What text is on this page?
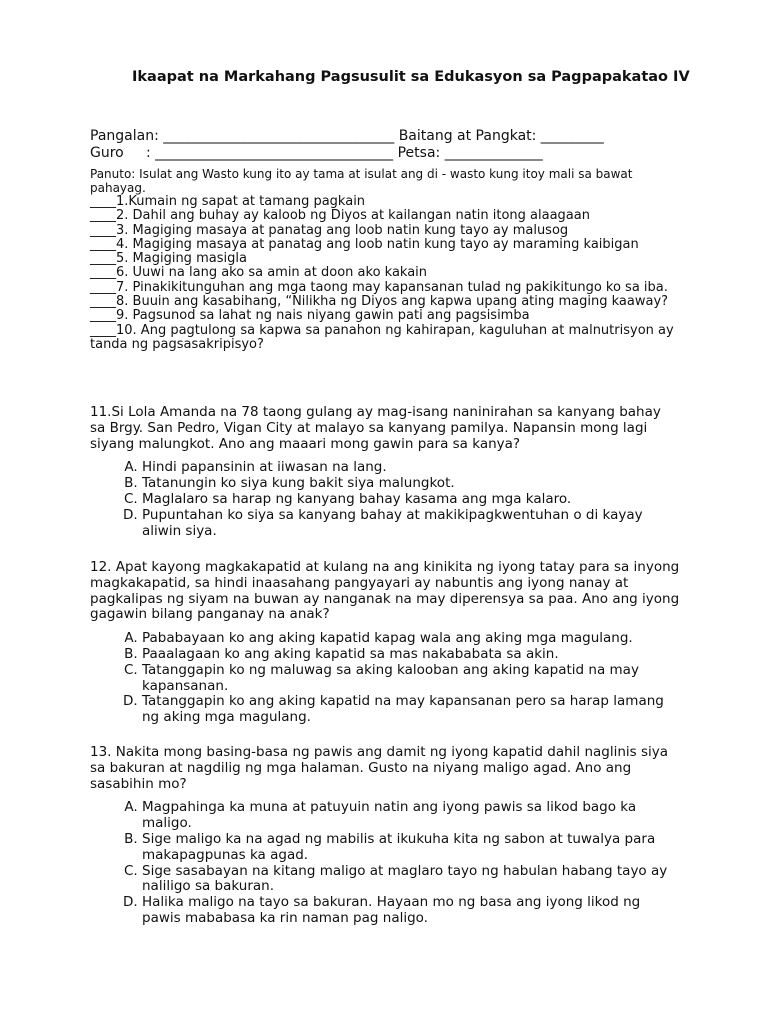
Ikaapat na Markahang Pagsusulit sa Edukasyon sa Pagpapakatao IV
Pangalan: _________________________________ Baitang at Pangkat: _________
Guro     : __________________________________ Petsa: ______________
Panuto: Isulat ang Wasto kung ito ay tama at isulat ang di - wasto kung itoy mali sa bawat pahayag.
____1.Kumain ng sapat at tamang pagkain
____2. Dahil ang buhay ay kaloob ng Diyos at kailangan natin itong alaagaan
____3. Magiging masaya at panatag ang loob natin kung tayo ay malusog
____4. Magiging masaya at panatag ang loob natin kung tayo ay maraming kaibigan
____5. Magiging masigla
____6. Uuwi na lang ako sa amin at doon ako kakain
____7. Pinakikitunguhan ang mga taong may kapansanan tulad ng pakikitungo ko sa iba.
____8. Buuin ang kasabihang, “Nilikha ng Diyos ang kapwa upang ating maging kaaway?
____9. Pagsunod sa lahat ng nais niyang gawin pati ang pagsisimba
____10. Ang pagtulong sa kapwa sa panahon ng kahirapan, kaguluhan at malnutrisyon ay tanda ng pagsasakripisyo?
11.Si Lola Amanda na 78 taong gulang ay mag-isang naninirahan sa kanyang bahay sa Brgy. San Pedro, Vigan City at malayo sa kanyang pamilya. Napansin mong lagi siyang malungkot. Ano ang maaari mong gawin para sa kanya?
A. Hindi papansinin at iiwasan na lang.
B. Tatanungin ko siya kung bakit siya malungkot.
C. Maglalaro sa harap ng kanyang bahay kasama ang mga kalaro.
D. Pupuntahan ko siya sa kanyang bahay at makikipagkwentuhan o di kayay aliwin siya.
12. Apat kayong magkakapatid at kulang na ang kinikita ng iyong tatay para sa inyong magkakapatid, sa hindi inaasahang pangyayari ay nabuntis ang iyong nanay at pagkalipas ng siyam na buwan ay nanganak na may diperensya sa paa. Ano ang iyong gagawin bilang panganay na anak?
A. Pababayaan ko ang aking kapatid kapag wala ang aking mga magulang.
B. Paaalagaan ko ang aking kapatid sa mas nakababata sa akin.
C. Tatanggapin ko ng maluwag sa aking kalooban ang aking kapatid na may kapansanan.
D. Tatanggapin ko ang aking kapatid na may kapansanan pero sa harap lamang ng aking mga magulang.
13. Nakita mong basing-basa ng pawis ang damit ng iyong kapatid dahil naglinis siya sa bakuran at nagdilig ng mga halaman. Gusto na niyang maligo agad. Ano ang sasabihin mo?
A. Magpahinga ka muna at patuyuin natin ang iyong pawis sa likod bago ka maligo.
B. Sige maligo ka na agad ng mabilis at ikukuha kita ng sabon at tuwalya para makapagpunas ka agad.
C. Sige sasabayan na kitang maligo at maglaro tayo ng habulan habang tayo ay naliligo sa bakuran.
D. Halika maligo na tayo sa bakuran. Hayaan mo ng basa ang iyong likod ng pawis mababasa ka rin naman pag naligo.
